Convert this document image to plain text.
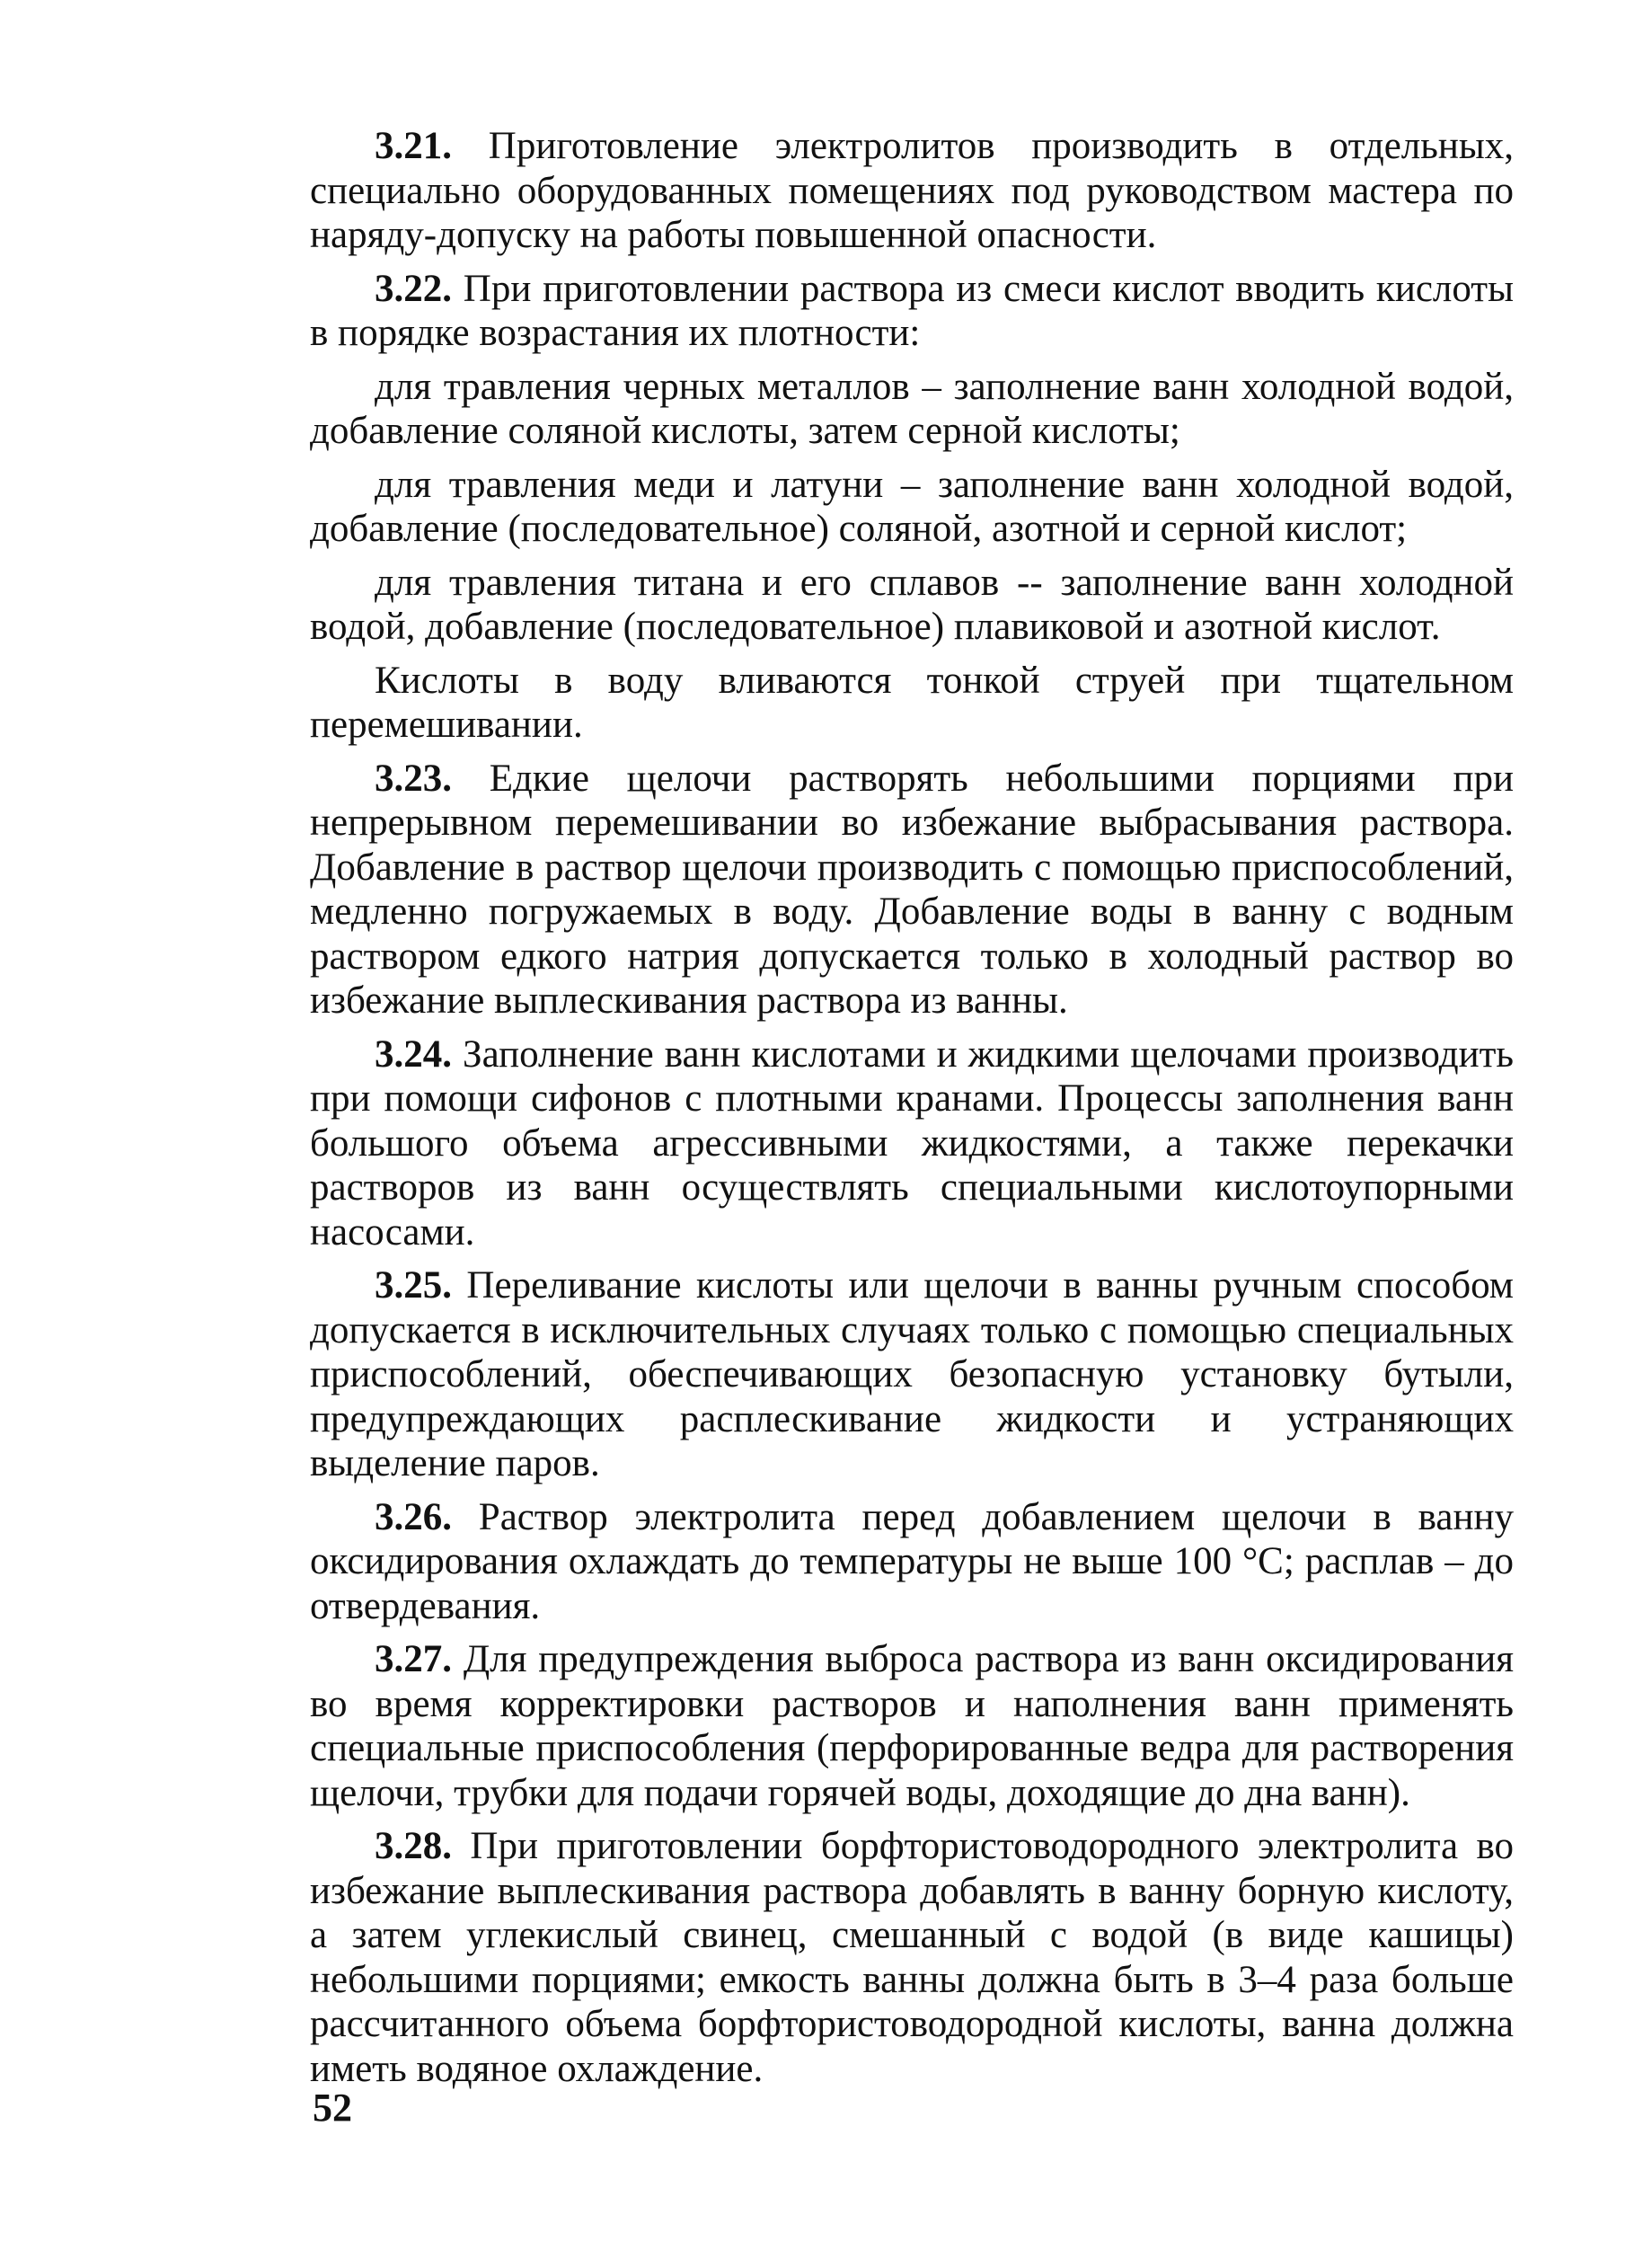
3.21. Приготовление электролитов производить в отдельных, специально оборудованных помещениях под руководством мастера по наряду-допуску на работы повышенной опасности.

3.22. При приготовлении раствора из смеси кислот вводить кислоты в порядке возрастания их плотности:

для травления черных металлов – заполнение ванн холодной водой, добавление соляной кислоты, затем серной кислоты;

для травления меди и латуни – заполнение ванн холодной водой, добавление (последовательное) соляной, азотной и серной кислот;

для травления титана и его сплавов -- заполнение ванн холодной водой, добавление (последовательное) плавиковой и азотной кислот.

Кислоты в воду вливаются тонкой струей при тщательном перемешивании.

3.23. Едкие щелочи растворять небольшими порциями при непрерывном перемешивании во избежание выбрасывания раствора. Добавление в раствор щелочи производить с помощью приспособлений, медленно погружаемых в воду. Добавление воды в ванну с водным раствором едкого натрия допускается только в холодный раствор во избежание выплескивания раствора из ванны.

3.24. Заполнение ванн кислотами и жидкими щелочами производить при помощи сифонов с плотными кранами. Процессы заполнения ванн большого объема агрессивными жидкостями, а также перекачки растворов из ванн осуществлять специальными кислотоупорными насосами.

3.25. Переливание кислоты или щелочи в ванны ручным способом допускается в исключительных случаях только с помощью специальных приспособлений, обеспечивающих безопасную установку бутыли, предупреждающих расплескивание жидкости и устраняющих выделение паров.

3.26. Раствор электролита перед добавлением щелочи в ванну оксидирования охлаждать до температуры не выше 100 °С; расплав – до отвердевания.

3.27. Для предупреждения выброса раствора из ванн оксидирования во время корректировки растворов и наполнения ванн применять специальные приспособления (перфорированные ведра для растворения щелочи, трубки для подачи горячей воды, доходящие до дна ванн).

3.28. При приготовлении борфтористоводородного электролита во избежание выплескивания раствора добавлять в ванну борную кислоту, а затем углекислый свинец, смешанный с водой (в виде кашицы) небольшими порциями; емкость ванны должна быть в 3–4 раза больше рассчитанного объема борфтористоводородной кислоты, ванна должна иметь водяное охлаждение.

52
